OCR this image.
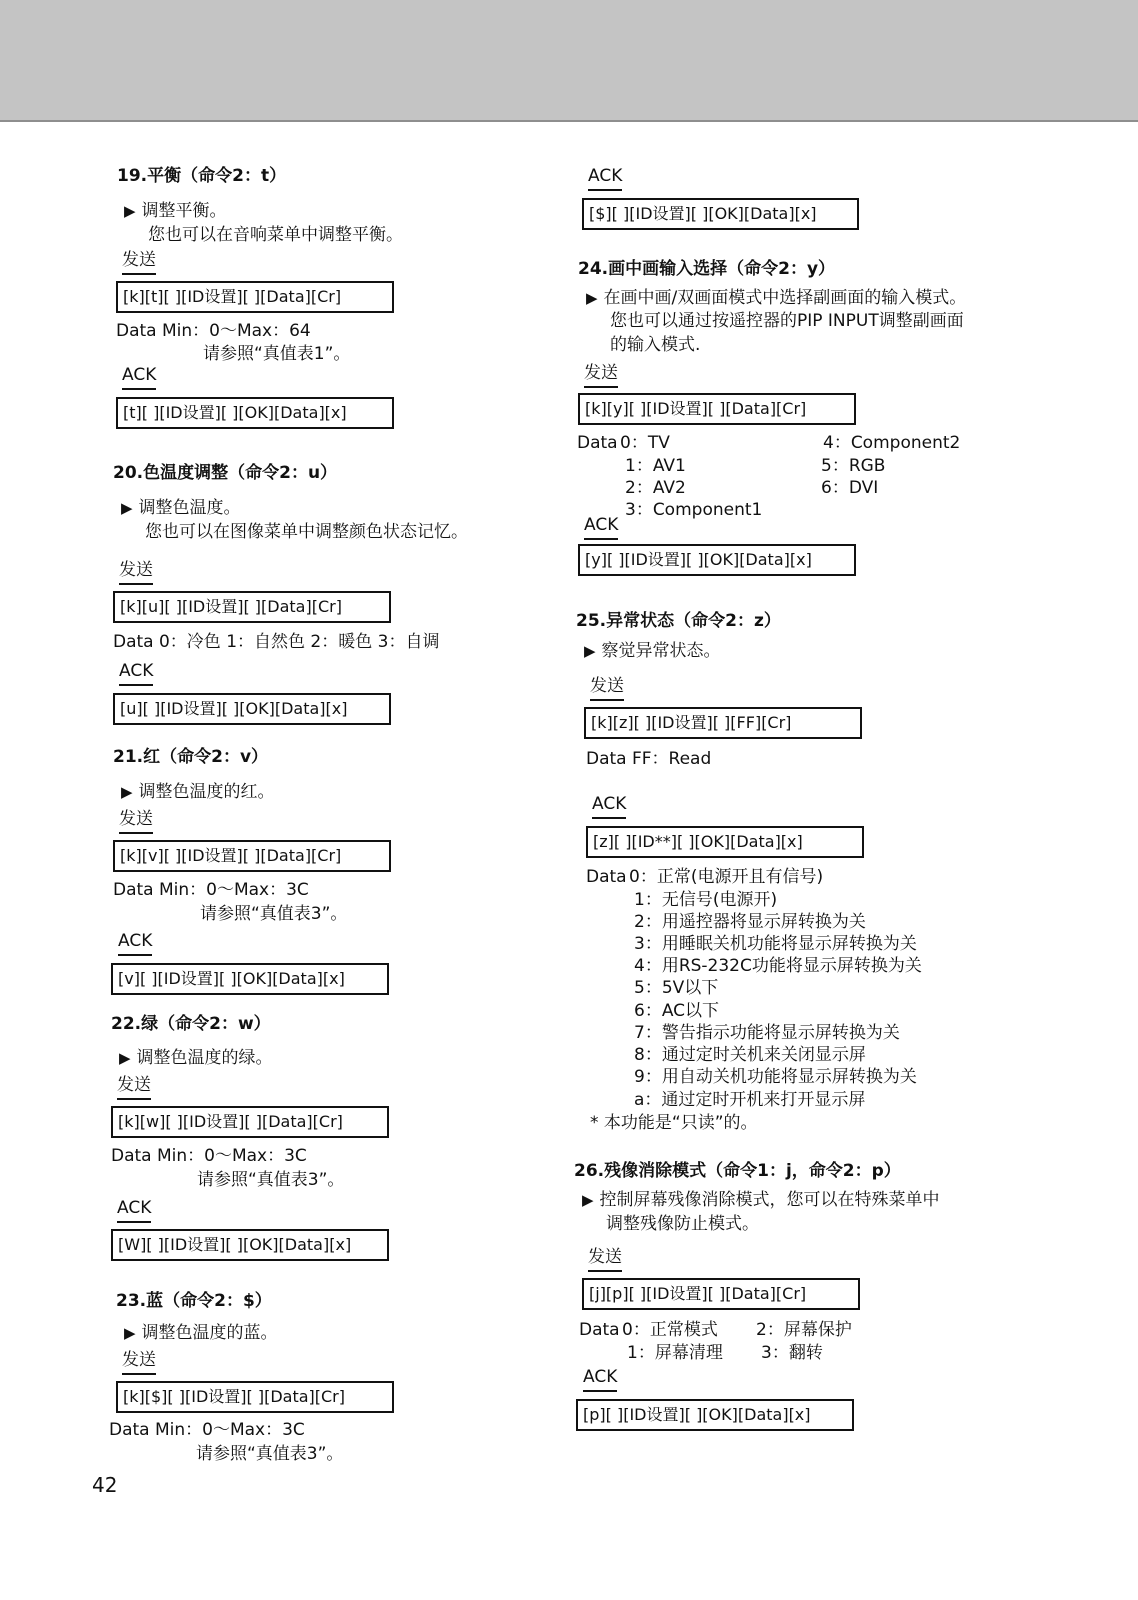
19.平衡（命令2：t）
▶ 调整平衡。
您也可以在音响菜单中调整平衡。
发送
[k][t][ ][ID设置][ ][Data][Cr]
Data Min：0～Max：64
请参照“真值表1”。
ACK
[t][ ][ID设置][ ][OK][Data][x]
20.色温度调整（命令2：u）
▶ 调整色温度。
您也可以在图像菜单中调整颜色状态记忆。
发送
[k][u][ ][ID设置][ ][Data][Cr]
Data 0：冷色 1：自然色 2：暖色 3：自调
ACK
[u][ ][ID设置][ ][OK][Data][x]
21.红（命令2：v）
▶ 调整色温度的红。
发送
[k][v][ ][ID设置][ ][Data][Cr]
Data Min：0～Max：3C
请参照“真值表3”。
ACK
[v][ ][ID设置][ ][OK][Data][x]
22.绿（命令2：w）
▶ 调整色温度的绿。
发送
[k][w][ ][ID设置][ ][Data][Cr]
Data Min：0～Max：3C
请参照“真值表3”。
ACK
[W][ ][ID设置][ ][OK][Data][x]
23.蓝（命令2：$）
▶ 调整色温度的蓝。
发送
[k][$][ ][ID设置][ ][Data][Cr]
Data Min：0～Max：3C
请参照“真值表3”。
42
ACK
[$][ ][ID设置][ ][OK][Data][x]
24.画中画输入选择（命令2：y）
▶ 在画中画/双画面模式中选择副画面的输入模式。
您也可以通过按遥控器的PIP INPUT调整副画面
的输入模式.
发送
[k][y][ ][ID设置][ ][Data][Cr]
Data 0：TV
1：AV1
2：AV2
3：Component1
4：Component2
5：RGB
6：DVI
ACK
[y][ ][ID设置][ ][OK][Data][x]
25.异常状态（命令2：z）
▶ 察觉异常状态。
发送
[k][z][ ][ID设置][ ][FF][Cr]
Data FF：Read
ACK
[z][ ][ID**][ ][OK][Data][x]
Data 0：正常(电源开且有信号)
1：无信号(电源开)
2：用遥控器将显示屏转换为关
3：用睡眠关机功能将显示屏转换为关
4：用RS-232C功能将显示屏转换为关
5：5V以下
6：AC以下
7：警告指示功能将显示屏转换为关
8：通过定时关机来关闭显示屏
9：用自动关机功能将显示屏转换为关
a：通过定时开机来打开显示屏
* 本功能是“只读”的。
26.残像消除模式（命令1：j，命令2：p）
▶ 控制屏幕残像消除模式，您可以在特殊菜单中
调整残像防止模式。
发送
[j][p][ ][ID设置][ ][Data][Cr]
Data 0：正常模式
1：屏幕清理
2：屏幕保护
3：翻转
ACK
[p][ ][ID设置][ ][OK][Data][x]
